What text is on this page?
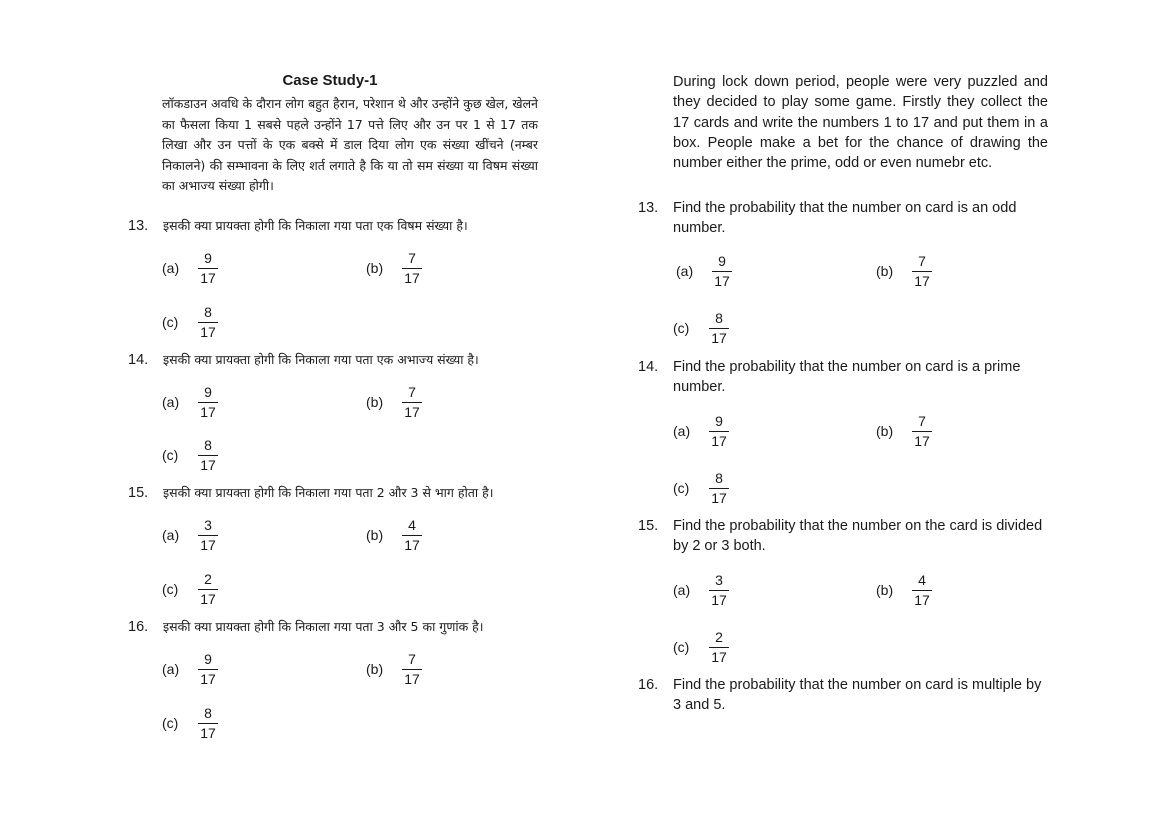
Case Study-1
लॉकडाउन अवधि के दौरान लोग बहुत हैरान, परेशान थे और उन्होंने कुछ खेल, खेलने का फैसला किया 1 सबसे पहले उन्होंने 17 पत्ते लिए और उन पर 1 से 17 तक लिखा और उन पत्तों के एक बक्से में डाल दिया लोग एक संख्या खींचने (नम्बर निकालने) की सम्भावना के लिए शर्त लगाते है कि या तो सम संख्या या विषम संख्या का अभाज्य संख्या होगी।
13. इसकी क्या प्रायक्ता होगी कि निकाला गया पता एक विषम संख्या है।
(a)	$\frac{9}{17}$	(b)	$\frac{7}{17}$
(c)	$\frac{8}{17}$
14. इसकी क्या प्रायक्ता होगी कि निकाला गया पता एक अभाज्य संख्या है।
(a)	$\frac{9}{17}$	(b)	$\frac{7}{17}$
(c)	$\frac{8}{17}$
15. इसकी क्या प्रायक्ता होगी कि निकाला गया पता 2 और 3 से भाग होता है।
(a)	$\frac{3}{17}$	(b)	$\frac{4}{17}$
(c)	$\frac{2}{17}$
16. इसकी क्या प्रायक्ता होगी कि निकाला गया पता 3 और 5 का गुणांक है।
(a)	$\frac{9}{17}$	(b)	$\frac{7}{17}$
(c)	$\frac{8}{17}$
During lock down period, people were very puzzled and they decided to play some game. Firstly they collect the 17 cards and write the numbers 1 to 17 and put them in a box. People make a bet for the chance of drawing the number either the prime, odd or even numebr etc.
13. Find the probability that the number on card is an odd number.
(a)	$\frac{9}{17}$	(b)	$\frac{7}{17}$
(c)	$\frac{8}{17}$
14. Find the probability that the number on card is a prime number.
(a)	$\frac{9}{17}$	(b)	$\frac{7}{17}$
(c)	$\frac{8}{17}$
15. Find the probability that the number on the card is divided by 2 or 3 both.
(a)	$\frac{3}{17}$	(b)	$\frac{4}{17}$
(c)	$\frac{2}{17}$
16. Find the probability that the number on card is multiple by 3 and 5.
